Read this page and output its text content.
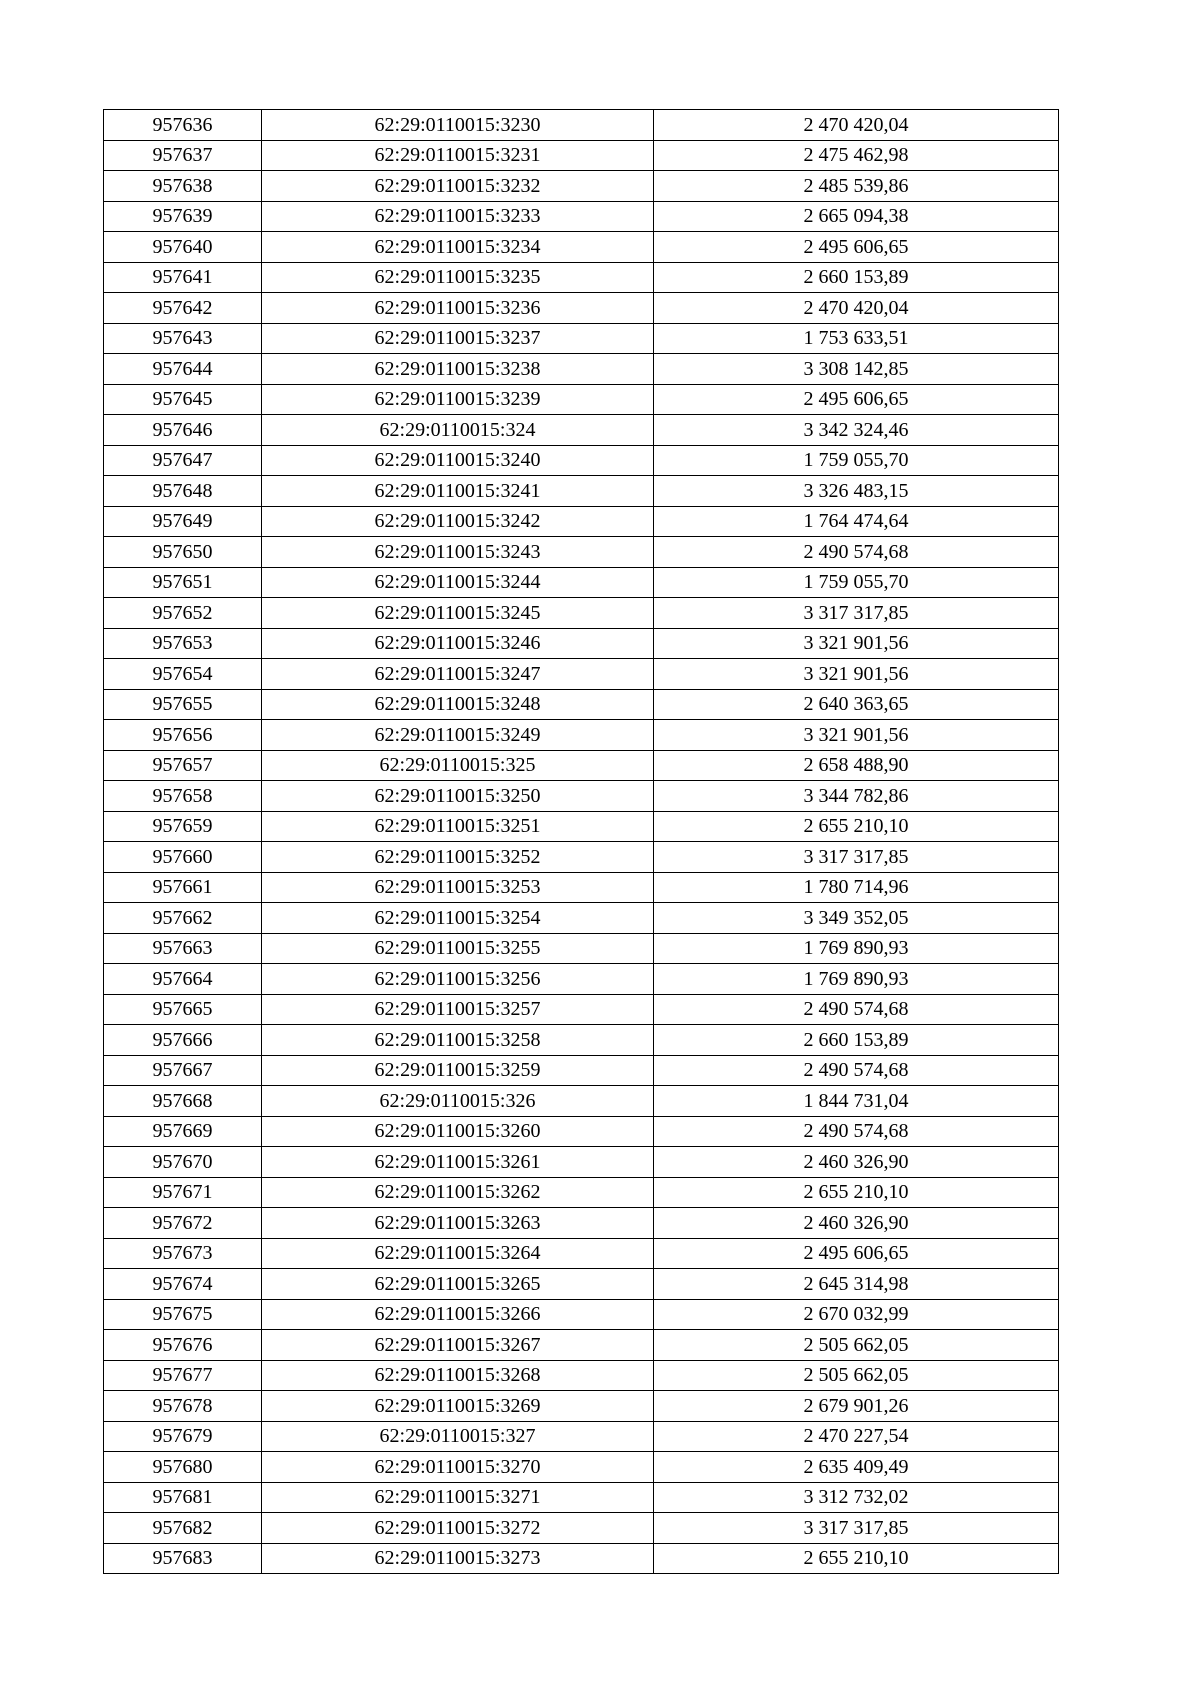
957636	62:29:0110015:3230	2 470 420,04
957637	62:29:0110015:3231	2 475 462,98
957638	62:29:0110015:3232	2 485 539,86
957639	62:29:0110015:3233	2 665 094,38
957640	62:29:0110015:3234	2 495 606,65
957641	62:29:0110015:3235	2 660 153,89
957642	62:29:0110015:3236	2 470 420,04
957643	62:29:0110015:3237	1 753 633,51
957644	62:29:0110015:3238	3 308 142,85
957645	62:29:0110015:3239	2 495 606,65
957646	62:29:0110015:324	3 342 324,46
957647	62:29:0110015:3240	1 759 055,70
957648	62:29:0110015:3241	3 326 483,15
957649	62:29:0110015:3242	1 764 474,64
957650	62:29:0110015:3243	2 490 574,68
957651	62:29:0110015:3244	1 759 055,70
957652	62:29:0110015:3245	3 317 317,85
957653	62:29:0110015:3246	3 321 901,56
957654	62:29:0110015:3247	3 321 901,56
957655	62:29:0110015:3248	2 640 363,65
957656	62:29:0110015:3249	3 321 901,56
957657	62:29:0110015:325	2 658 488,90
957658	62:29:0110015:3250	3 344 782,86
957659	62:29:0110015:3251	2 655 210,10
957660	62:29:0110015:3252	3 317 317,85
957661	62:29:0110015:3253	1 780 714,96
957662	62:29:0110015:3254	3 349 352,05
957663	62:29:0110015:3255	1 769 890,93
957664	62:29:0110015:3256	1 769 890,93
957665	62:29:0110015:3257	2 490 574,68
957666	62:29:0110015:3258	2 660 153,89
957667	62:29:0110015:3259	2 490 574,68
957668	62:29:0110015:326	1 844 731,04
957669	62:29:0110015:3260	2 490 574,68
957670	62:29:0110015:3261	2 460 326,90
957671	62:29:0110015:3262	2 655 210,10
957672	62:29:0110015:3263	2 460 326,90
957673	62:29:0110015:3264	2 495 606,65
957674	62:29:0110015:3265	2 645 314,98
957675	62:29:0110015:3266	2 670 032,99
957676	62:29:0110015:3267	2 505 662,05
957677	62:29:0110015:3268	2 505 662,05
957678	62:29:0110015:3269	2 679 901,26
957679	62:29:0110015:327	2 470 227,54
957680	62:29:0110015:3270	2 635 409,49
957681	62:29:0110015:3271	3 312 732,02
957682	62:29:0110015:3272	3 317 317,85
957683	62:29:0110015:3273	2 655 210,10
